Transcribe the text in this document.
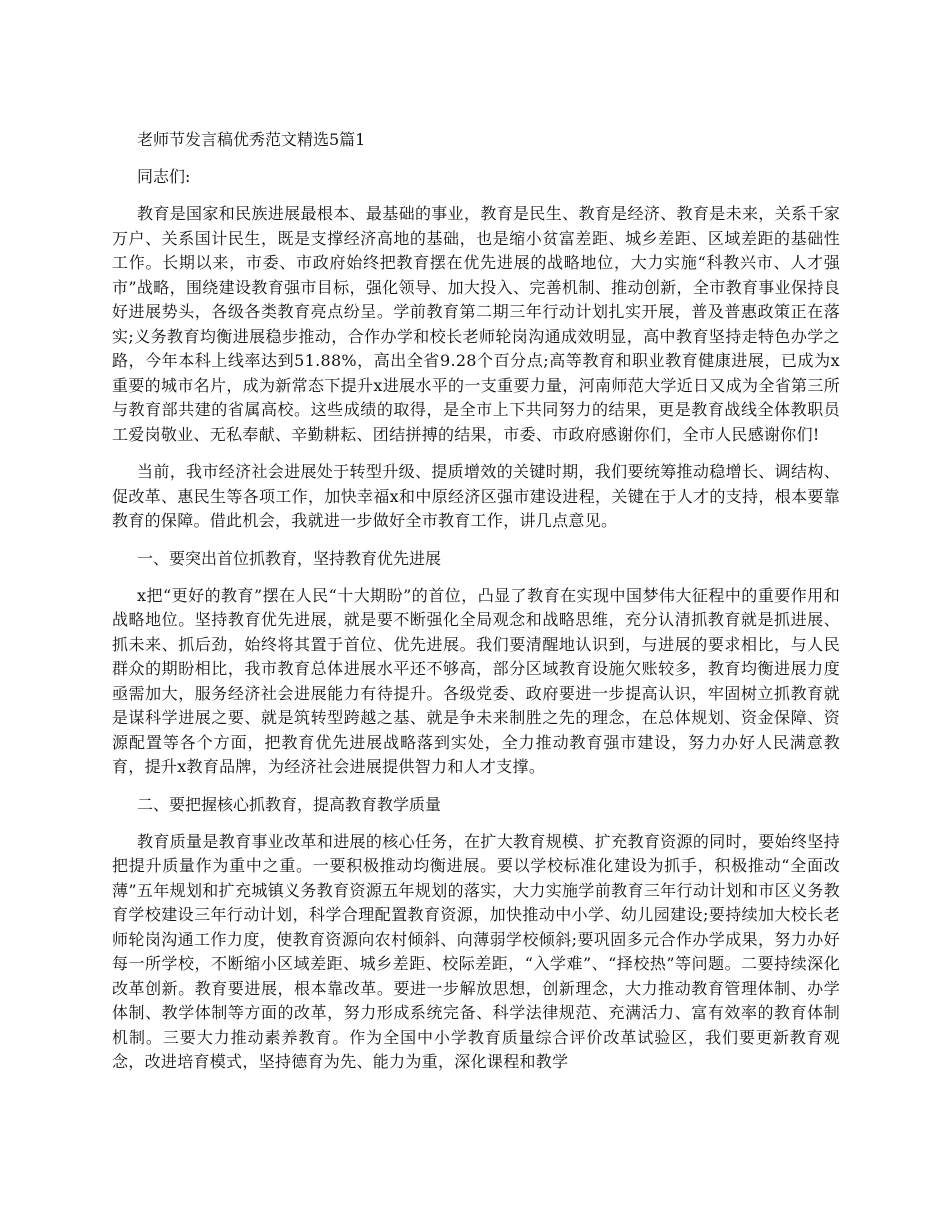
老师节发言稿优秀范文精选5篇1
同志们:

教育是国家和民族进展最根本、最基础的事业，教育是民生、教育是经济、教育是未来，关系千家万户、关系国计民生，既是支撑经济高地的基础，也是缩小贫富差距、城乡差距、区域差距的基础性工作。长期以来，市委、市政府始终把教育摆在优先进展的战略地位，大力实施“科教兴市、人才强市”战略，围绕建设教育强市目标，强化领导、加大投入、完善机制、推动创新，全市教育事业保持良好进展势头，各级各类教育亮点纷呈。学前教育第二期三年行动计划扎实开展，普及普惠政策正在落实;义务教育均衡进展稳步推动，合作办学和校长老师轮岗沟通成效明显，高中教育坚持走特色办学之路，今年本科上线率达到51.88%，高出全省9.28个百分点;高等教育和职业教育健康进展，已成为x重要的城市名片，成为新常态下提升x进展水平的一支重要力量，河南师范大学近日又成为全省第三所与教育部共建的省属高校。这些成绩的取得，是全市上下共同努力的结果，更是教育战线全体教职员工爱岗敬业、无私奉献、辛勤耕耘、团结拼搏的结果，市委、市政府感谢你们，全市人民感谢你们!

当前，我市经济社会进展处于转型升级、提质增效的关键时期，我们要统筹推动稳增长、调结构、促改革、惠民生等各项工作，加快幸福x和中原经济区强市建设进程，关键在于人才的支持，根本要靠教育的保障。借此机会，我就进一步做好全市教育工作，讲几点意见。

一、要突出首位抓教育，坚持教育优先进展

x把“更好的教育”摆在人民“十大期盼”的首位，凸显了教育在实现中国梦伟大征程中的重要作用和战略地位。坚持教育优先进展，就是要不断强化全局观念和战略思维，充分认清抓教育就是抓进展、抓未来、抓后劲，始终将其置于首位、优先进展。我们要清醒地认识到，与进展的要求相比，与人民群众的期盼相比，我市教育总体进展水平还不够高，部分区域教育设施欠账较多，教育均衡进展力度亟需加大，服务经济社会进展能力有待提升。各级党委、政府要进一步提高认识，牢固树立抓教育就是谋科学进展之要、就是筑转型跨越之基、就是争未来制胜之先的理念，在总体规划、资金保障、资源配置等各个方面，把教育优先进展战略落到实处，全力推动教育强市建设，努力办好人民满意教育，提升x教育品牌，为经济社会进展提供智力和人才支撑。

二、要把握核心抓教育，提高教育教学质量

教育质量是教育事业改革和进展的核心任务，在扩大教育规模、扩充教育资源的同时，要始终坚持把提升质量作为重中之重。一要积极推动均衡进展。要以学校标准化建设为抓手，积极推动“全面改薄”五年规划和扩充城镇义务教育资源五年规划的落实，大力实施学前教育三年行动计划和市区义务教育学校建设三年行动计划，科学合理配置教育资源，加快推动中小学、幼儿园建设;要持续加大校长老师轮岗沟通工作力度，使教育资源向农村倾斜、向薄弱学校倾斜;要巩固多元合作办学成果，努力办好每一所学校，不断缩小区域差距、城乡差距、校际差距，“入学难”、“择校热”等问题。二要持续深化改革创新。教育要进展，根本靠改革。要进一步解放思想，创新理念，大力推动教育管理体制、办学体制、教学体制等方面的改革，努力形成系统完备、科学法律规范、充满活力、富有效率的教育体制机制。三要大力推动素养教育。作为全国中小学教育质量综合评价改革试验区，我们要更新教育观念，改进培育模式，坚持德育为先、能力为重，深化课程和教学
